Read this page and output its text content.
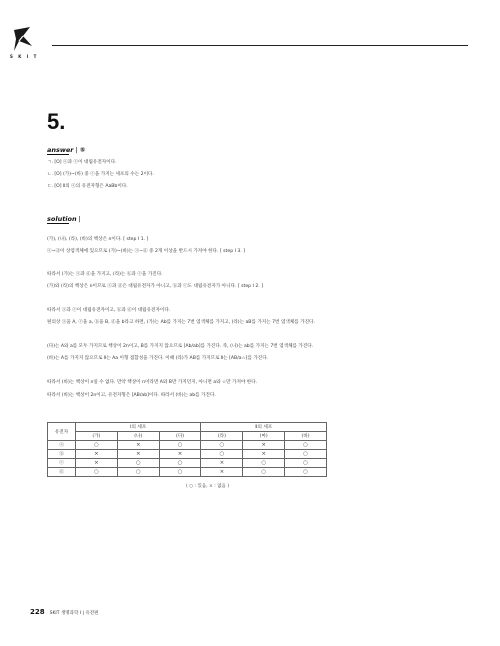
S K I T
5.
answer | ⑤
ㄱ. [O] ⓐ과 ⓒ이 대립유전자이다.
ㄴ. [O] (가)~(바) 중 ⓒ을 가지는 세포의 수는 2이다.
ㄷ. [O] Ⅱ의 ⓐ의 유전자형은 AaBb이다.
solution |
(가), (나), (라), (바)의 핵상은 n이다. [ step I 1. ]
ⓐ~ⓓ이 상염색체에 있으므로 (가)~(바)는 ⓐ~ⓓ 중 2개 이상을 반드시 가져야 한다. [ step I 3. ]
따라서 (가)는 ⓐ과 ⓓ을 가지고, (라)는 ⓑ과 ⓒ을 가진다.
(가)와 (라)의 핵상은 n이므로 ⓐ과 ⓓ은 대립유전자가 아니고, ⓑ과 ⓒ도 대립유전자가 아니다. [ step I 2. ]
따라서 ⓐ과 ⓒ이 대립유전자이고, ⓑ과 ⓓ이 대립유전자이다.
편의상 ⓐ을 A, ⓒ을 a, ⓑ을 B, ⓓ을 b라고 하면, (가)는 Ab를 가지는 7번 염색체를 가지고, (라)는 aB를 가지는 7번 염색체를 가진다.
(다)는 A와 a를 모두 가지므로 핵상이 2n이고, B를 가지지 않으므로 [Ab/ab]를 가진다. 즉, (나)는 ab를 가지는 7번 염색체를 가진다.
(바)는 A를 가지지 않으므로 Ⅱ는 Aa 이형 접합성을 가진다. 이때 (라)가 AB를 가지므로 Ⅱ는 [AB/a☆]를 가진다.
따라서 (바)는 핵상이 n일 수 없다. 만약 핵상이 n이라면 A와 B만 가지던지, 아니면 a와 ☆만 가져야 한다.
따라서 (바)는 핵상이 2n이고, 유전자형은 [AB/ab]이다. 따라서 (바)는 ab를 가진다.
유전자	Ⅰ의 세포			Ⅱ의 세포		
	(가)	(나)	(다)	(라)	(마)	(바)
ⓐ	○	×	○	○	×	○
ⓑ	×	×	×	○	×	○
ⓒ	×	○	○	×	○	○
ⓓ	○	○	○	×	○	○
( ○ : 있음, × : 없음 )
228 SKIT 생명과학 Ⅰ | 유전편
